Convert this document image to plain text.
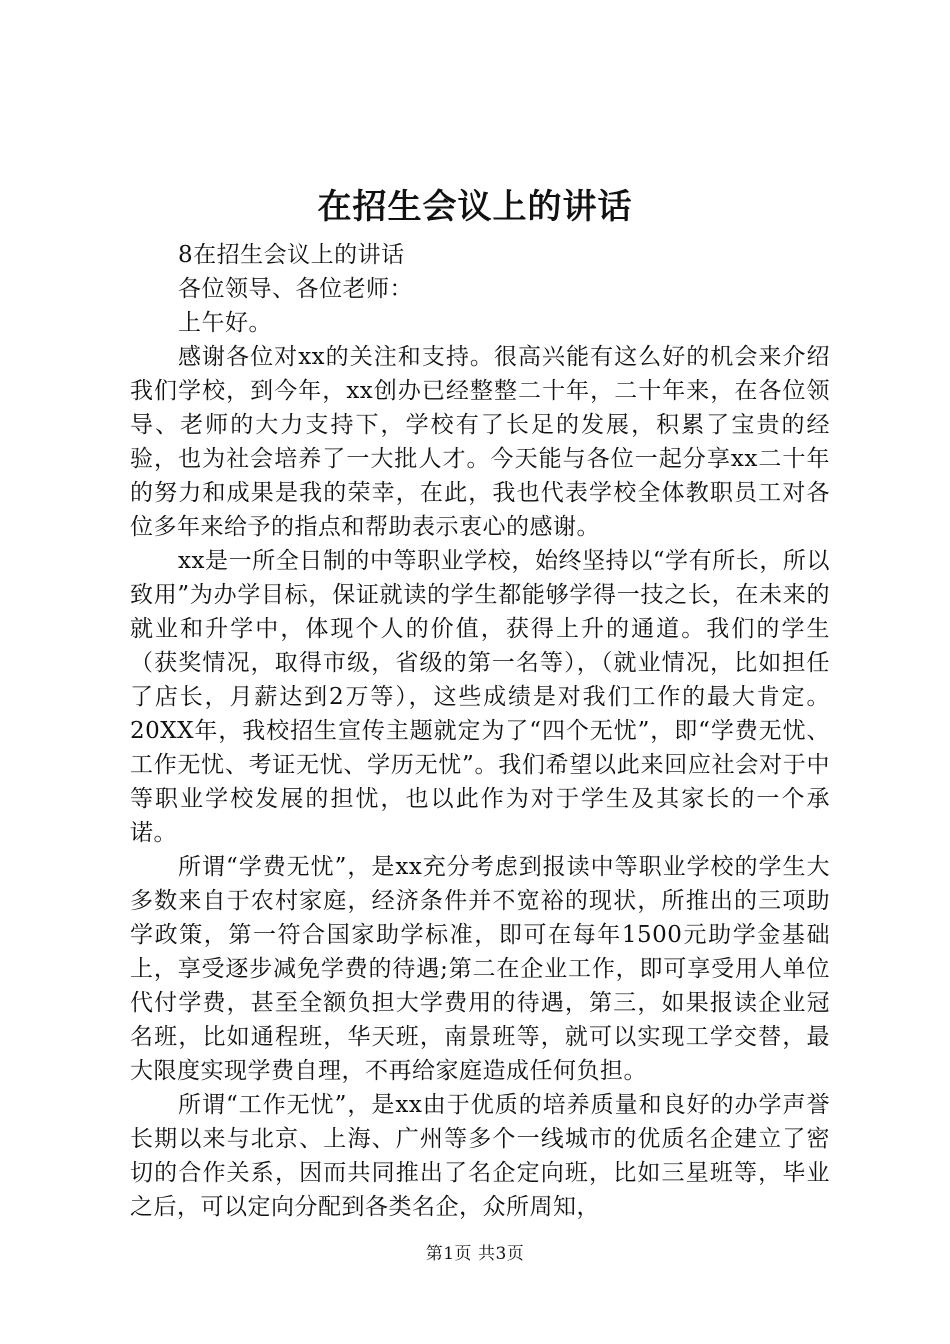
在招生会议上的讲话

8在招生会议上的讲话

各位领导、各位老师：

上午好。

感谢各位对xx的关注和支持。很高兴能有这么好的机会来介绍我们学校，到今年，xx创办已经整整二十年，二十年来，在各位领导、老师的大力支持下，学校有了长足的发展，积累了宝贵的经验，也为社会培养了一大批人才。今天能与各位一起分享xx二十年的努力和成果是我的荣幸，在此，我也代表学校全体教职员工对各位多年来给予的指点和帮助表示衷心的感谢。

xx是一所全日制的中等职业学校，始终坚持以“学有所长，所以致用”为办学目标，保证就读的学生都能够学得一技之长，在未来的就业和升学中，体现个人的价值，获得上升的通道。我们的学生（获奖情况，取得市级，省级的第一名等），（就业情况，比如担任了店长，月薪达到2万等），这些成绩是对我们工作的最大肯定。20XX年，我校招生宣传主题就定为了“四个无忧”，即“学费无忧、工作无忧、考证无忧、学历无忧”。我们希望以此来回应社会对于中等职业学校发展的担忧，也以此作为对于学生及其家长的一个承诺。

所谓“学费无忧”，是xx充分考虑到报读中等职业学校的学生大多数来自于农村家庭，经济条件并不宽裕的现状，所推出的三项助学政策，第一符合国家助学标准，即可在每年1500元助学金基础上，享受逐步减免学费的待遇;第二在企业工作，即可享受用人单位代付学费，甚至全额负担大学费用的待遇，第三，如果报读企业冠名班，比如通程班，华天班，南景班等，就可以实现工学交替，最大限度实现学费自理，不再给家庭造成任何负担。

所谓“工作无忧”，是xx由于优质的培养质量和良好的办学声誉长期以来与北京、上海、广州等多个一线城市的优质名企建立了密切的合作关系，因而共同推出了名企定向班，比如三星班等，毕业之后，可以定向分配到各类名企，众所周知，

第1页 共3页
